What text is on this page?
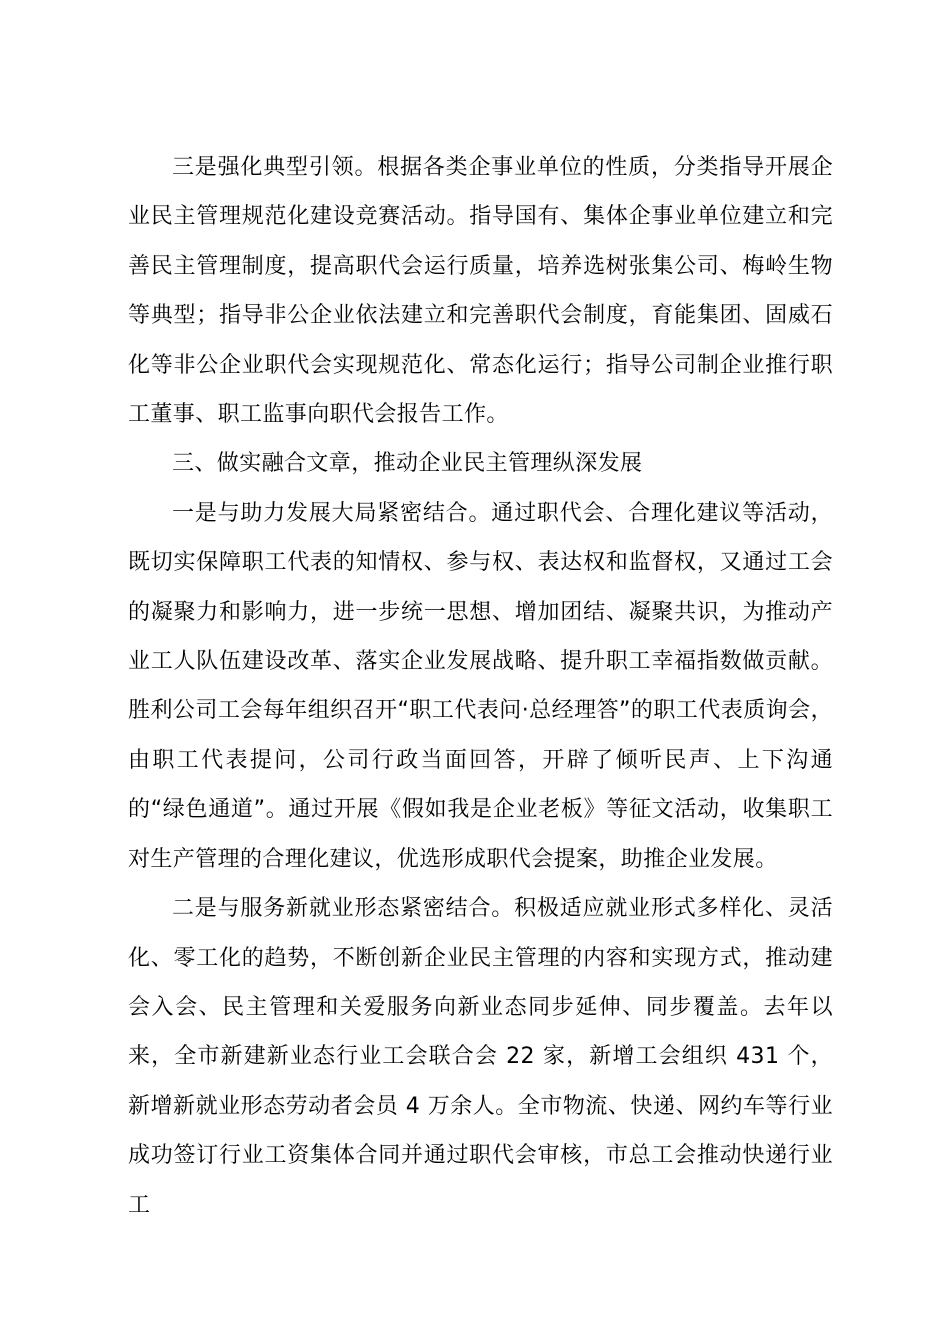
三是强化典型引领。根据各类企事业单位的性质，分类指导开展企业民主管理规范化建设竞赛活动。指导国有、集体企事业单位建立和完善民主管理制度，提高职代会运行质量，培养选树张集公司、梅岭生物等典型；指导非公企业依法建立和完善职代会制度，育能集团、固威石化等非公企业职代会实现规范化、常态化运行；指导公司制企业推行职工董事、职工监事向职代会报告工作。

三、做实融合文章，推动企业民主管理纵深发展

一是与助力发展大局紧密结合。通过职代会、合理化建议等活动，既切实保障职工代表的知情权、参与权、表达权和监督权，又通过工会的凝聚力和影响力，进一步统一思想、增加团结、凝聚共识，为推动产业工人队伍建设改革、落实企业发展战略、提升职工幸福指数做贡献。胜利公司工会每年组织召开“职工代表问·总经理答”的职工代表质询会，由职工代表提问，公司行政当面回答，开辟了倾听民声、上下沟通的“绿色通道”。通过开展《假如我是企业老板》等征文活动，收集职工对生产管理的合理化建议，优选形成职代会提案，助推企业发展。

二是与服务新就业形态紧密结合。积极适应就业形式多样化、灵活化、零工化的趋势，不断创新企业民主管理的内容和实现方式，推动建会入会、民主管理和关爱服务向新业态同步延伸、同步覆盖。去年以来，全市新建新业态行业工会联合会 22 家，新增工会组织 431 个，新增新就业形态劳动者会员 4 万余人。全市物流、快递、网约车等行业成功签订行业工资集体合同并通过职代会审核，市总工会推动快递行业工
